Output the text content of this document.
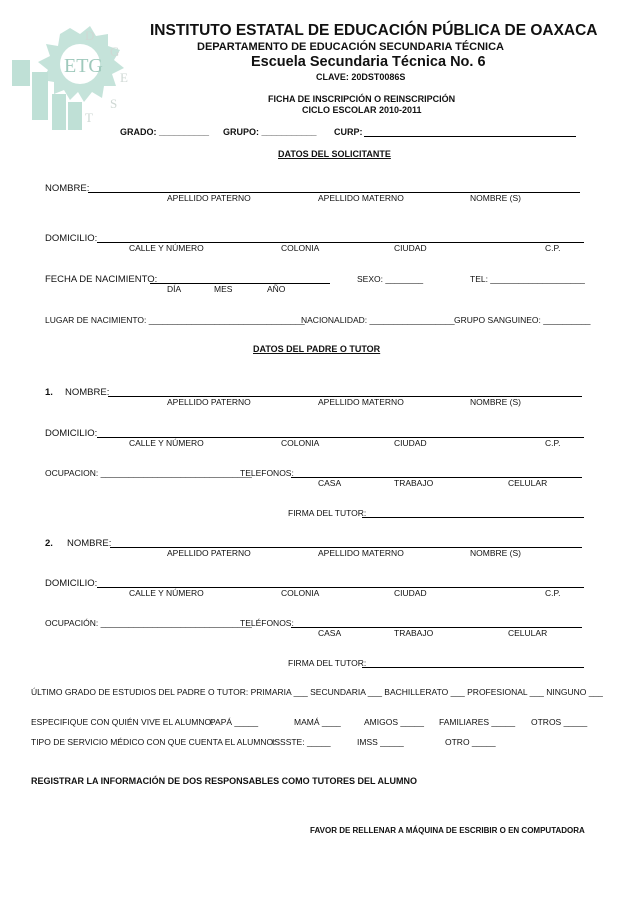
ETG
D
G
E
S
T
INSTITUTO ESTATAL DE EDUCACIÓN PÚBLICA DE OAXACA
DEPARTAMENTO DE EDUCACIÓN SECUNDARIA TÉCNICA
Escuela Secundaria Técnica No. 6
CLAVE: 20DST0086S
FICHA DE INSCRIPCIÓN O REINSCRIPCIÓN
CICLO ESCOLAR 2010-2011
GRADO: __________ GRUPO: ___________ CURP:
DATOS DEL SOLICITANTE
NOMBRE:
APELLIDO PATERNO	APELLIDO MATERNO	NOMBRE (S)
DOMICILIO:
CALLE Y NÚMERO	COLONIA	CIUDAD	C.P.
FECHA DE NACIMIENTO:
DÍA	MES	AÑO
SEXO: ________	TEL: ____________________
LUGAR DE NACIMIENTO: _________________________________
NACIONALIDAD: __________________ GRUPO SANGUINEO: __________
DATOS DEL PADRE O TUTOR
1. NOMBRE:
APELLIDO PATERNO	APELLIDO MATERNO	NOMBRE (S)
DOMICILIO:
CALLE Y NÚMERO	COLONIA	CIUDAD	C.P.
OCUPACION: ________________________________
TELEFONOS:
CASA	TRABAJO	CELULAR
FIRMA DEL TUTOR:
2. NOMBRE:
APELLIDO PATERNO	APELLIDO MATERNO	NOMBRE (S)
DOMICILIO:
CALLE Y NÚMERO	COLONIA	CIUDAD	C.P.
OCUPACIÓN: ________________________________
TELÉFONOS:
CASA	TRABAJO	CELULAR
FIRMA DEL TUTOR:
ÚLTIMO GRADO DE ESTUDIOS DEL PADRE O TUTOR: PRIMARIA ___ SECUNDARIA ___ BACHILLERATO ___ PROFESIONAL ___ NINGUNO ___
ESPECIFIQUE CON QUIÉN VIVE EL ALUMNO:
PAPÁ _____	MAMÁ ____	AMIGOS _____ FAMILIARES _____ OTROS _____
TIPO DE SERVICIO MÉDICO CON QUE CUENTA EL ALUMNO:
ISSSTE: _____	IMSS _____	OTRO _____
REGISTRAR LA INFORMACIÓN DE DOS RESPONSABLES COMO TUTORES DEL ALUMNO
FAVOR DE RELLENAR A MÁQUINA DE ESCRIBIR O EN COMPUTADORA
